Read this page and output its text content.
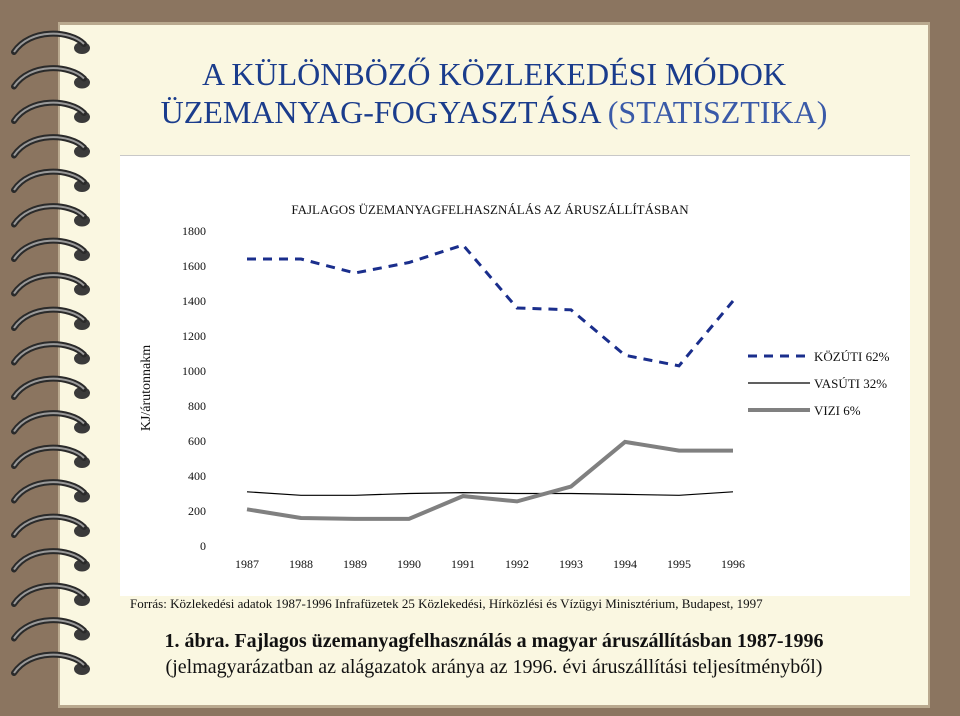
A KÜLÖNBÖZŐ KÖZLEKEDÉSI MÓDOK
ÜZEMANYAG-FOGYASZTÁSA (STATISZTIKA)
FAJLAGOS ÜZEMANYAGFELHASZNÁLÁS AZ ÁRUSZÁLLÍTÁSBAN
KJ/árutonnakm
0
200
400
600
800
1000
1200
1400
1600
1800
1987	1988	1989	1990	1991	1992	1993	1994	1995	1996
KÖZÚTI 62%
VASÚTI 32%
VIZI 6%
Forrás: Közlekedési adatok 1987-1996 Infrafüzetek 25 Közlekedési, Hírközlési és Vízügyi Minisztérium, Budapest, 1997
1. ábra. Fajlagos üzemanyagfelhasználás a magyar áruszállításban 1987-1996
(jelmagyarázatban az alágazatok aránya az 1996. évi áruszállítási teljesítményből)
